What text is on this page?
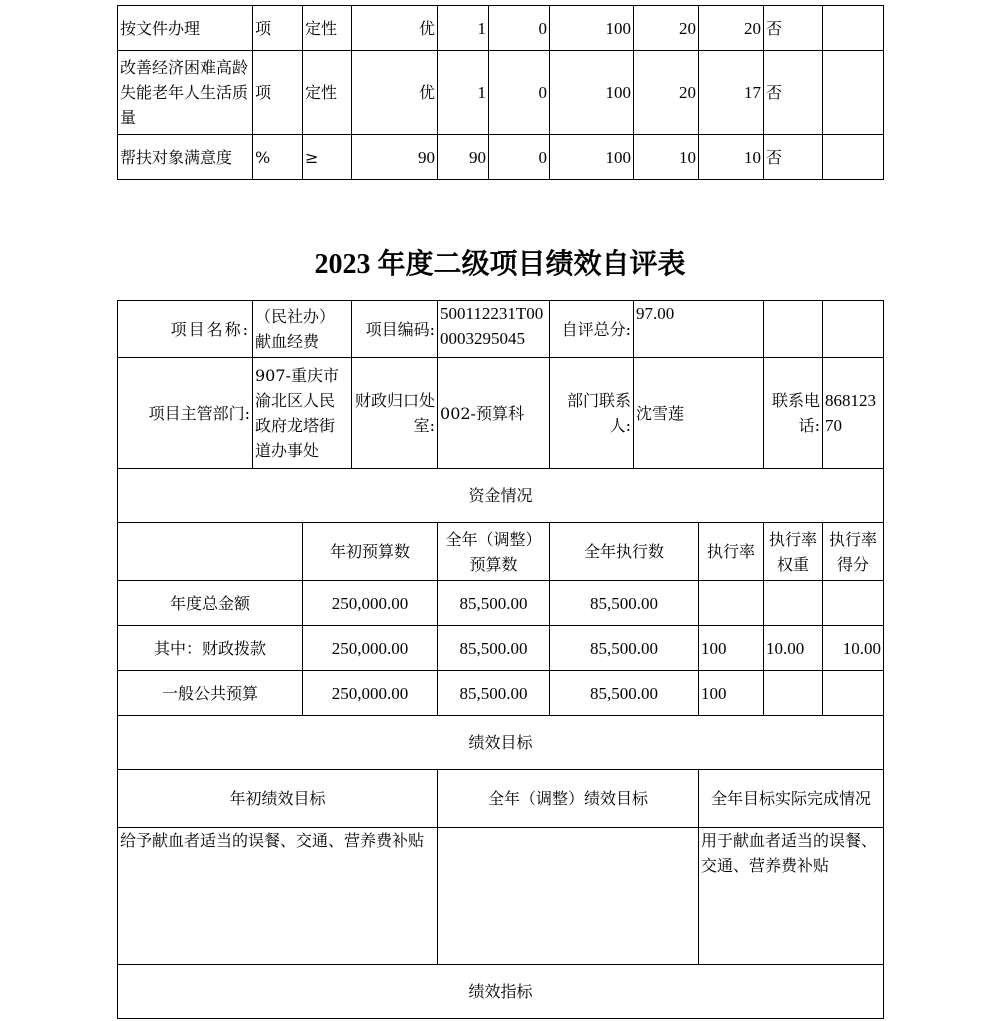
按文件办理	项	定性	优	1	0	100	20	20	否	
改善经济困难高龄失能老年人生活质量	项	定性	优	1	0	100	20	17	否	
帮扶对象满意度	%	≥	90	90	0	100	10	10	否	
2023 年度二级项目绩效自评表
项目名称:	（民社办）献血经费		项目编码:	500112231T000003295045	自评总分:	97.00			
项目主管部门:	907-重庆市渝北区人民政府龙塔街道办事处		财政归口处室:	002-预算科	部门联系人:	沈雪莲		联系电话:	86812370
资金情况									
		年初预算数		全年（调整）预算数	全年执行数		执行率	执行率权重	执行率得分
年度总金额		250,000.00		85,500.00	85,500.00				
其中：财政拨款		250,000.00		85,500.00	85,500.00		100	10.00	10.00
一般公共预算		250,000.00		85,500.00	85,500.00		100		
绩效目标									
年初绩效目标				全年（调整）绩效目标			全年目标实际完成情况		
给予献血者适当的误餐、交通、营养费补贴							用于献血者适当的误餐、交通、营养费补贴		
绩效指标									
